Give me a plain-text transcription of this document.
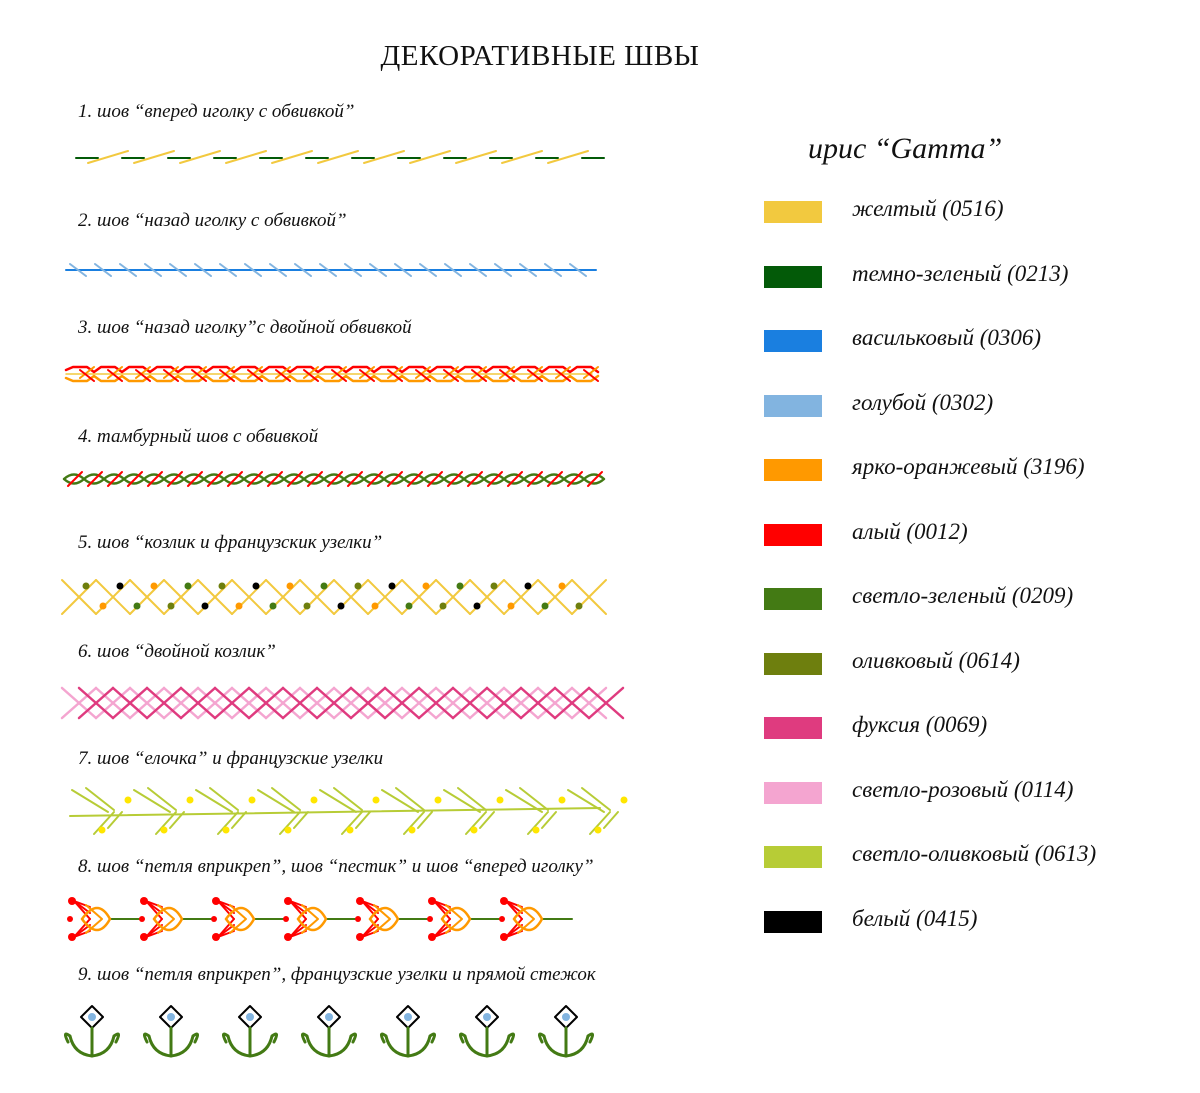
ДЕКОРАТИВНЫЕ ШВЫ
1. шов “вперед иголку с обвивкой”
2. шов “назад иголку с обвивкой”
3. шов “назад иголку”с двойной обвивкой
4. тамбурный шов с обвивкой
5. шов “козлик и французскик узелки”
6. шов “двойной козлик”
7. шов “елочка” и французские узелки
8. шов “петля вприкреп”, шов “пестик” и шов “вперед иголку”
9. шов “петля вприкреп”, французские узелки и прямой стежок
ирис “Gamma”
желтый (0516)
темно-зеленый (0213)
васильковый (0306)
голубой (0302)
ярко-оранжевый (3196)
алый (0012)
светло-зеленый (0209)
оливковый (0614)
фуксия (0069)
светло-розовый (0114)
светло-оливковый (0613)
белый (0415)
